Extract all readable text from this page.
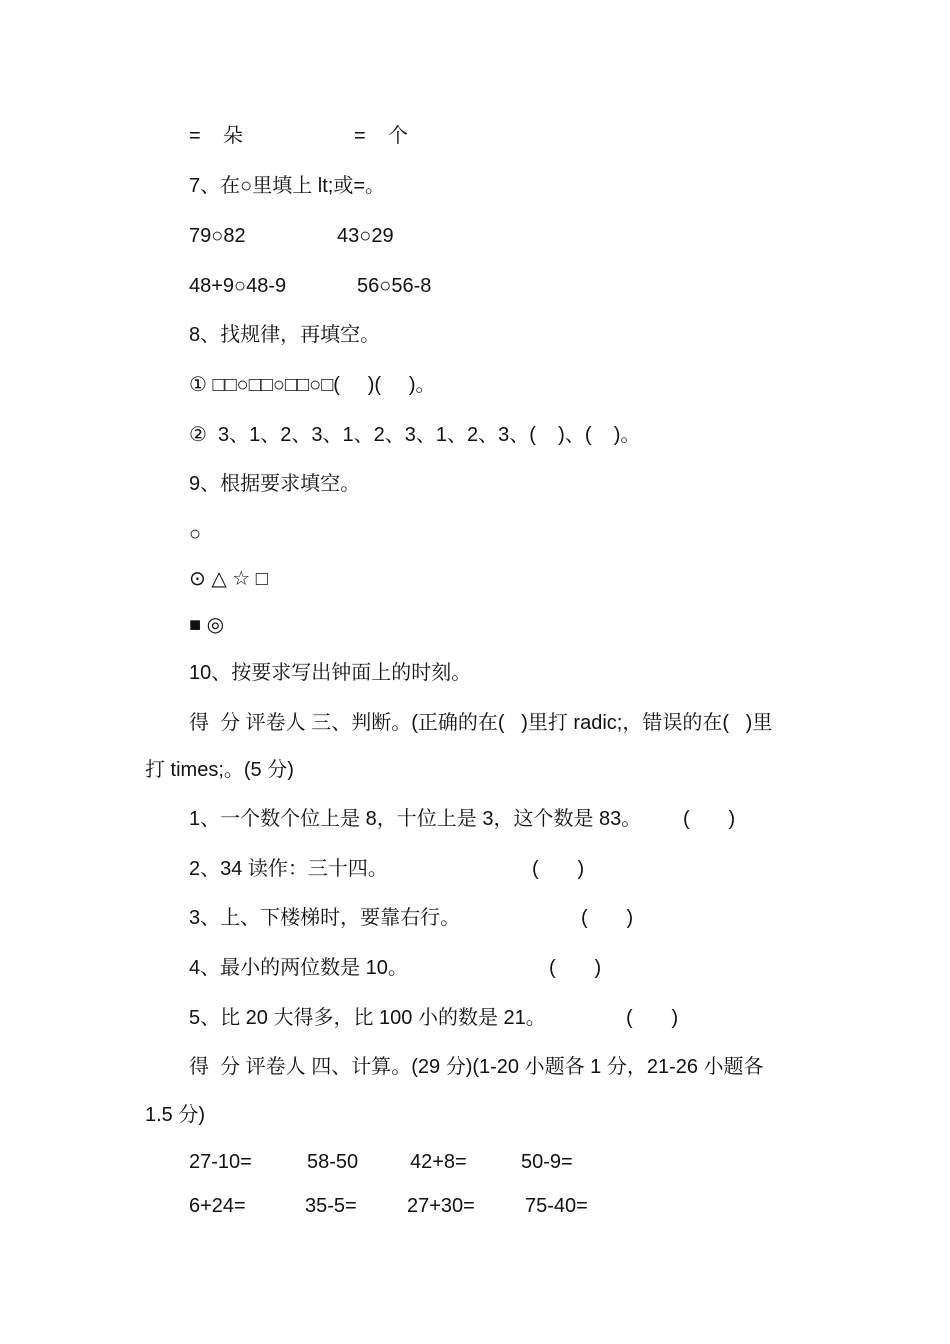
=    朵                    =    个
7、在○里填上 lt;或=。
79○82	43○29
48+9○48-9	56○56-8
8、找规律，再填空。
① □□○□□○□□○□(     )(     )。
②  3、1、2、3、1、2、3、1、2、3、(    )、(    )。
9、根据要求填空。
○
⊙ △ ☆ □
■ ◎
10、按要求写出钟面上的时刻。
得  分 评卷人 三、判断。(正确的在(   )里打 radic;，错误的在(   )里
打 times;。(5 分)
1、一个数个位上是 8，十位上是 3，这个数是 83。 (       )
2、34 读作：三十四。	(       )
3、上、下楼梯时，要靠右行。	(       )
4、最小的两位数是 10。	(       )
5、比 20 大得多，比 100 小的数是 21。	(       )
得  分 评卷人 四、计算。(29 分)(1-20 小题各 1 分，21-26 小题各
1.5 分)
27-10=	58-50	42+8=	50-9=
6+24=	35-5=	27+30=	75-40=
